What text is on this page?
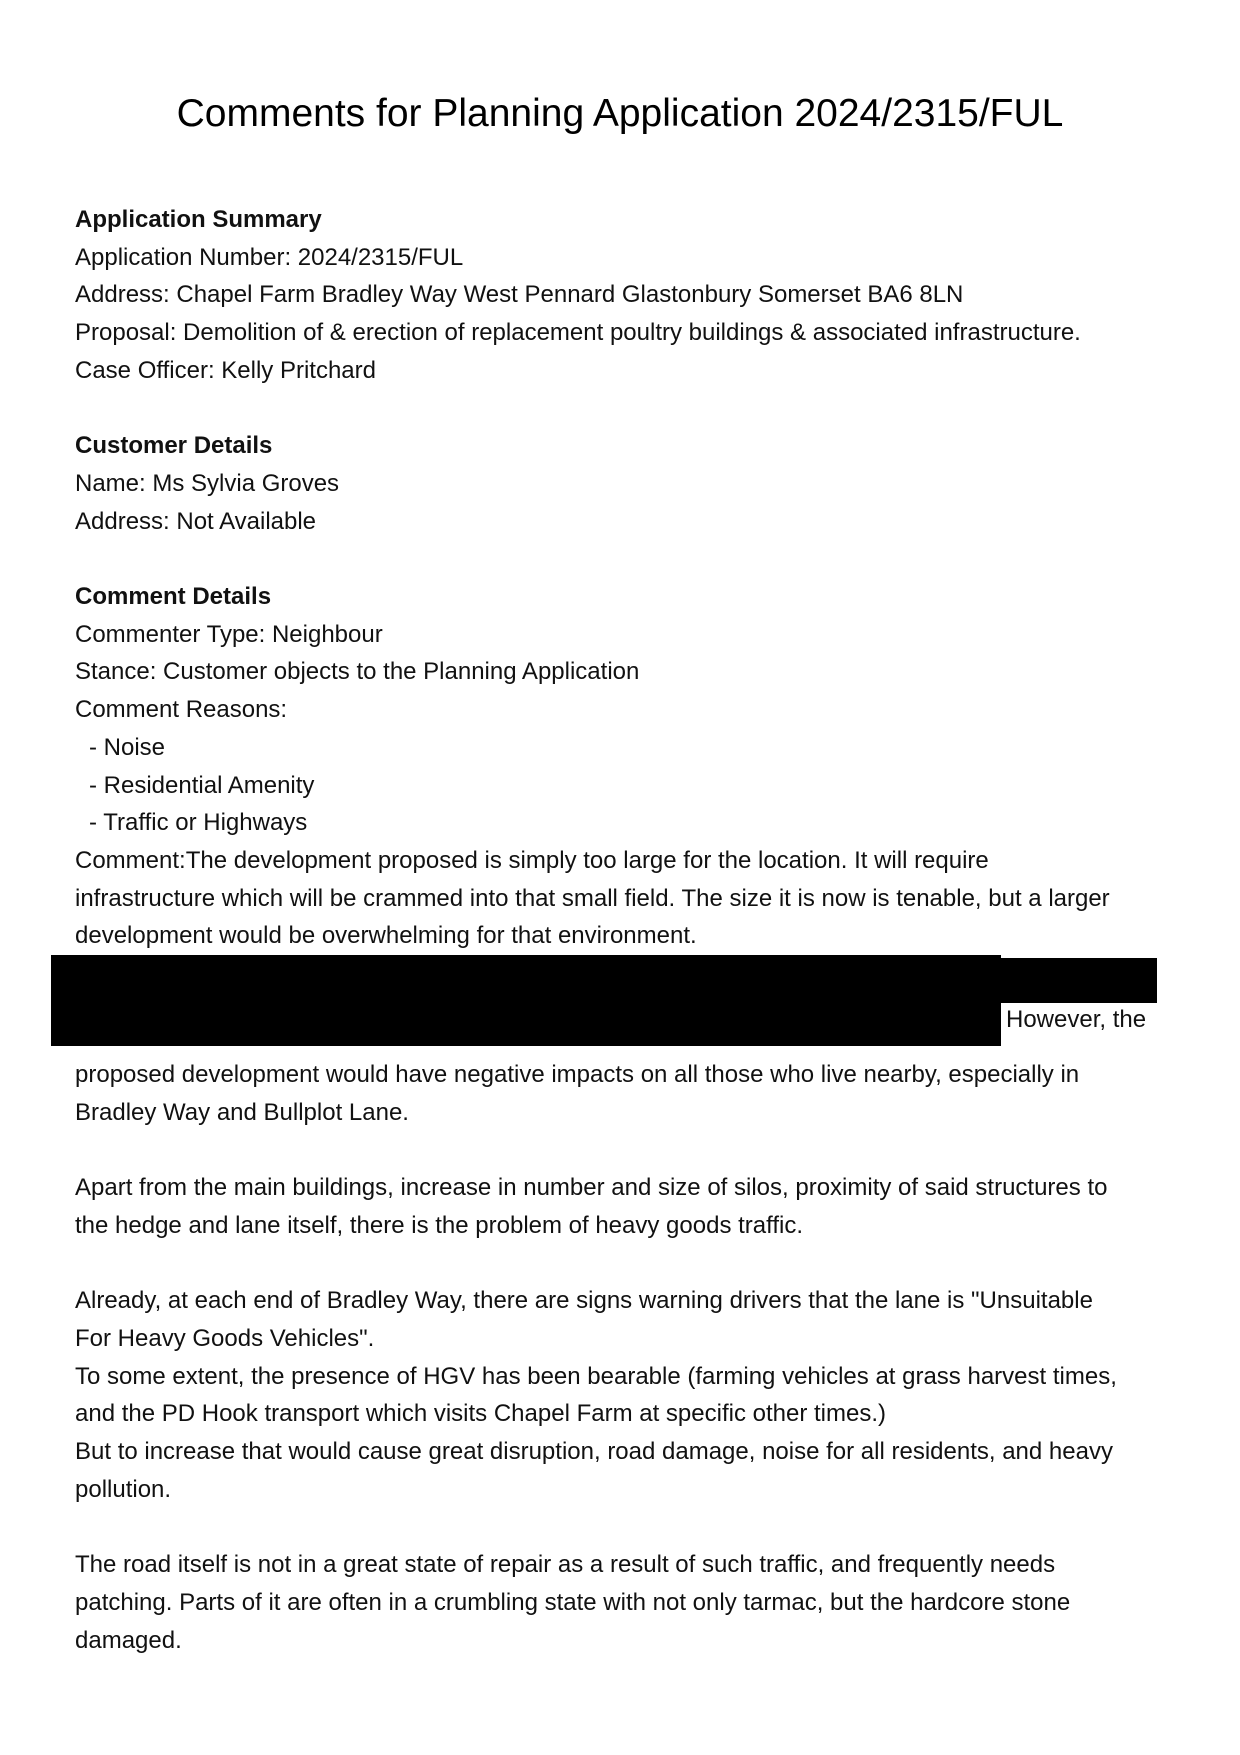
Comments for Planning Application 2024/2315/FUL

Application Summary

Application Number: 2024/2315/FUL

Address: Chapel Farm Bradley Way West Pennard Glastonbury Somerset BA6 8LN

Proposal: Demolition of & erection of replacement poultry buildings & associated infrastructure.

Case Officer: Kelly Pritchard

Customer Details

Name: Ms Sylvia Groves

Address: Not Available

Comment Details

Commenter Type: Neighbour

Stance: Customer objects to the Planning Application

Comment Reasons:

- Noise

- Residential Amenity

- Traffic or Highways

Comment:The development proposed is simply too large for the location. It will require

infrastructure which will be crammed into that small field. The size it is now is tenable, but a larger

development would be overwhelming for that environment.

However, the

proposed development would have negative impacts on all those who live nearby, especially in

Bradley Way and Bullplot Lane.

Apart from the main buildings, increase in number and size of silos, proximity of said structures to

the hedge and lane itself, there is the problem of heavy goods traffic.

Already, at each end of Bradley Way, there are signs warning drivers that the lane is "Unsuitable

For Heavy Goods Vehicles".

To some extent, the presence of HGV has been bearable (farming vehicles at grass harvest times,

and the PD Hook transport which visits Chapel Farm at specific other times.)

But to increase that would cause great disruption, road damage, noise for all residents, and heavy

pollution.

The road itself is not in a great state of repair as a result of such traffic, and frequently needs

patching. Parts of it are often in a crumbling state with not only tarmac, but the hardcore stone

damaged.
